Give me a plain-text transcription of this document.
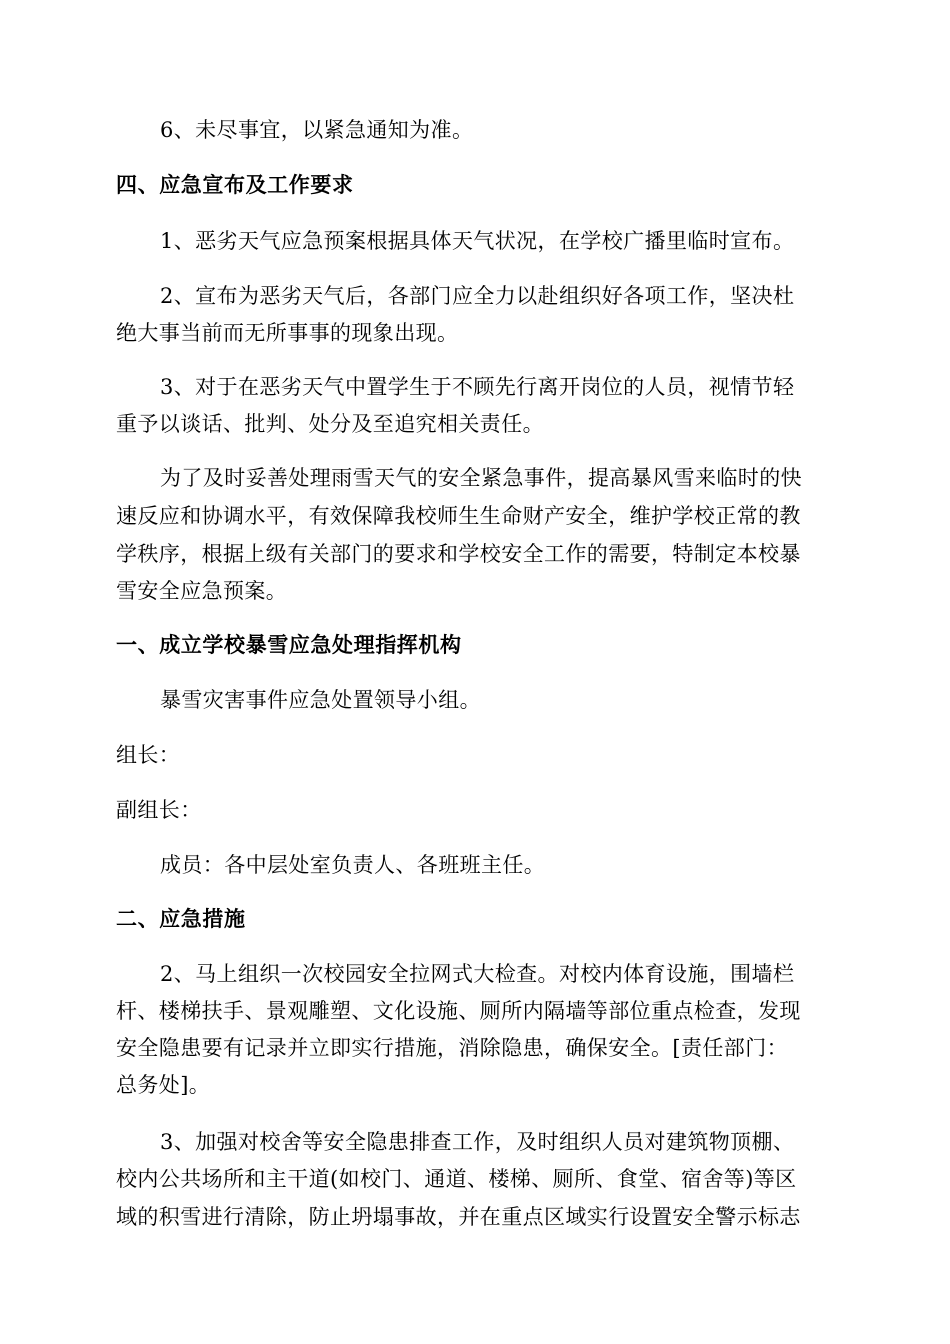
6、未尽事宜，以紧急通知为准。
四、应急宣布及工作要求
1、恶劣天气应急预案根据具体天气状况，在学校广播里临时宣布。
2、宣布为恶劣天气后，各部门应全力以赴组织好各项工作，坚决杜
绝大事当前而无所事事的现象出现。
3、对于在恶劣天气中置学生于不顾先行离开岗位的人员，视情节轻
重予以谈话、批判、处分及至追究相关责任。
为了及时妥善处理雨雪天气的安全紧急事件，提高暴风雪来临时的快
速反应和协调水平，有效保障我校师生生命财产安全，维护学校正常的教
学秩序，根据上级有关部门的要求和学校安全工作的需要，特制定本校暴
雪安全应急预案。
一、成立学校暴雪应急处理指挥机构
暴雪灾害事件应急处置领导小组。
组长：
副组长：
成员：各中层处室负责人、各班班主任。
二、应急措施
2、马上组织一次校园安全拉网式大检查。对校内体育设施，围墙栏
杆、楼梯扶手、景观雕塑、文化设施、厕所内隔墙等部位重点检查，发现
安全隐患要有记录并立即实行措施，消除隐患，确保安全。[责任部门：
总务处]。
3、加强对校舍等安全隐患排查工作，及时组织人员对建筑物顶棚、
校内公共场所和主干道(如校门、通道、楼梯、厕所、食堂、宿舍等)等区
域的积雪进行清除，防止坍塌事故，并在重点区域实行设置安全警示标志
